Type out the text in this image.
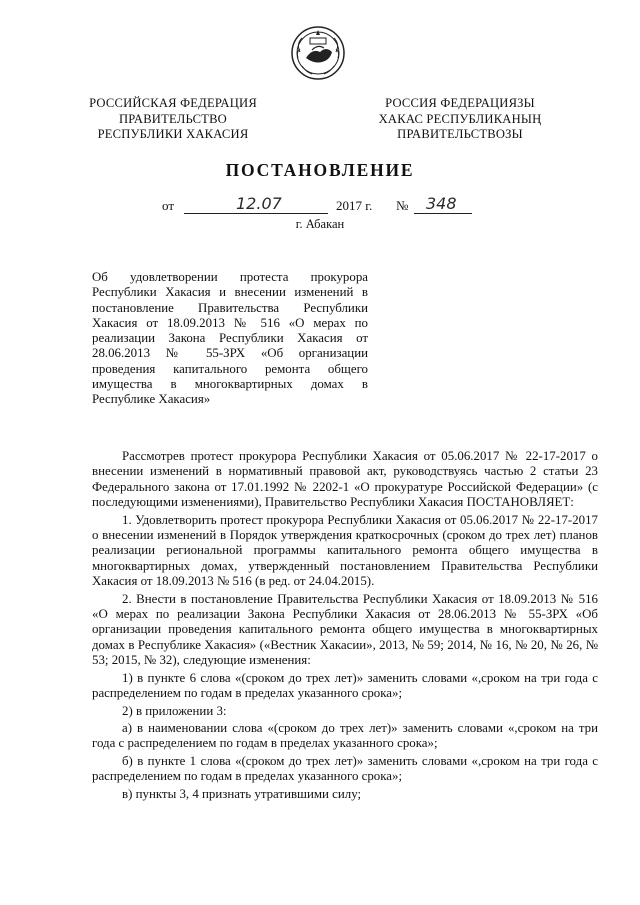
РОССИЙСКАЯ ФЕДЕРАЦИЯ
ПРАВИТЕЛЬСТВО
РЕСПУБЛИКИ ХАКАСИЯ
РОССИЯ ФЕДЕРАЦИЯЗЫ
ХАКАС РЕСПУБЛИКАНЫҢ
ПРАВИТЕЛЬСТВОЗЫ
ПОСТАНОВЛЕНИЕ
от	12.07	2017 г. № 348
г. Абакан
Об удовлетворении протеста прокурора Республики Хакасия и внесении изменений в постановление Правительства Республики Хакасия от 18.09.2013 № 516 «О мерах по реализации Закона Республики Хакасия от 28.06.2013 № 55-ЗРХ «Об организации проведения капитального ремонта общего имущества в многоквартирных домах в Республике Хакасия»

Рассмотрев протест прокурора Республики Хакасия от 05.06.2017 № 22-17-2017 о внесении изменений в нормативный правовой акт, руководствуясь частью 2 статьи 23 Федерального закона от 17.01.1992 № 2202-1 «О прокуратуре Российской Федерации» (с последующими изменениями), Правительство Республики Хакасия ПОСТАНОВЛЯЕТ:

1. Удовлетворить протест прокурора Республики Хакасия от 05.06.2017 № 22-17-2017 о внесении изменений в Порядок утверждения краткосрочных (сроком до трех лет) планов реализации региональной программы капитального ремонта общего имущества в многоквартирных домах, утвержденный постановлением Правительства Республики Хакасия от 18.09.2013 № 516 (в ред. от 24.04.2015).

2. Внести в постановление Правительства Республики Хакасия от 18.09.2013 № 516 «О мерах по реализации Закона Республики Хакасия от 28.06.2013 № 55-ЗРХ «Об организации проведения капитального ремонта общего имущества в многоквартирных домах в Республике Хакасия» («Вестник Хакасии», 2013, № 59; 2014, № 16, № 20, № 26, № 53; 2015, № 32), следующие изменения:

1) в пункте 6 слова «(сроком до трех лет)» заменить словами «,сроком на три года с распределением по годам в пределах указанного срока»;

2) в приложении 3:

а) в наименовании слова «(сроком до трех лет)» заменить словами «,сроком на три года с распределением по годам в пределах указанного срока»;

б) в пункте 1 слова «(сроком до трех лет)» заменить словами «,сроком на три года с распределением по годам в пределах указанного срока»;

в) пункты 3, 4 признать утратившими силу;
